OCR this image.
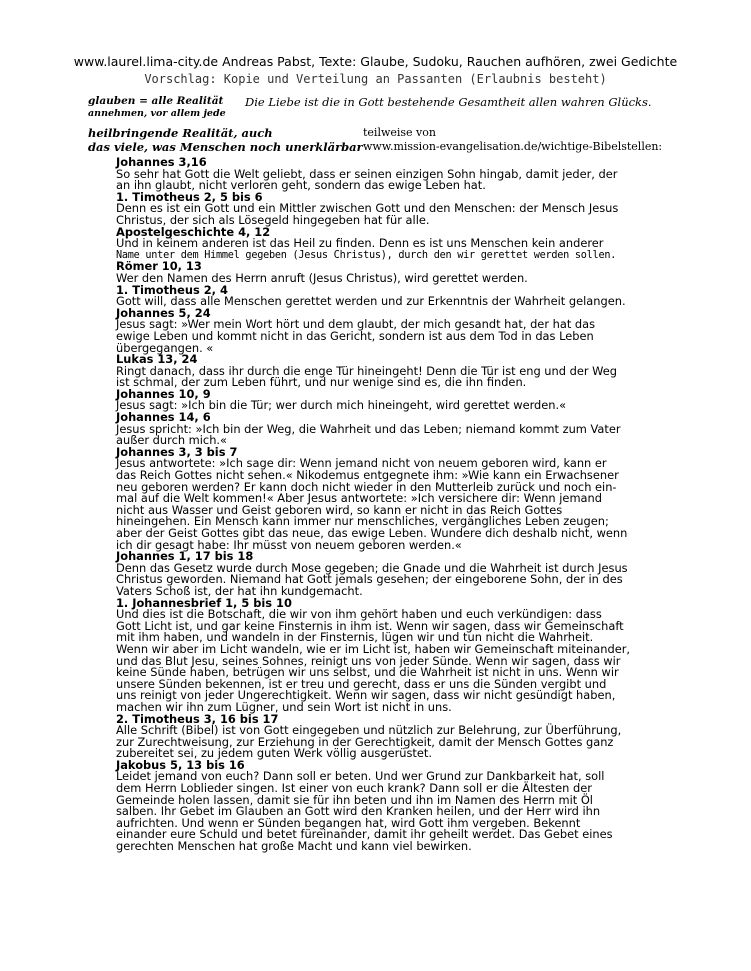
www.laurel.lima-city.de Andreas Pabst, Texte: Glaube, Sudoku, Rauchen aufhören, zwei Gedichte
Vorschlag: Kopie und Verteilung an Passanten (Erlaubnis besteht)
glauben = alle Realität
annehmen, vor allem jede
Die Liebe ist die in Gott bestehende Gesamtheit allen wahren Glücks.
heilbringende Realität, auch
das viele, was Menschen noch unerklärbar
teilweise von
www.mission-evangelisation.de/wichtige-Bibelstellen:
Johannes 3,16
So sehr hat Gott die Welt geliebt, dass er seinen einzigen Sohn hingab, damit jeder, der
an ihn glaubt, nicht verloren geht, sondern das ewige Leben hat.
1. Timotheus 2, 5 bis 6
Denn es ist ein Gott und ein Mittler zwischen Gott und den Menschen: der Mensch Jesus
Christus, der sich als Lösegeld hingegeben hat für alle.
Apostelgeschichte 4, 12
Und in keinem anderen ist das Heil zu finden. Denn es ist uns Menschen kein anderer
Name unter dem Himmel gegeben (Jesus Christus), durch den wir gerettet werden sollen.
Römer 10, 13
Wer den Namen des Herrn anruft (Jesus Christus), wird gerettet werden.
1. Timotheus 2, 4
Gott will, dass alle Menschen gerettet werden und zur Erkenntnis der Wahrheit gelangen.
Johannes 5, 24
Jesus sagt: »Wer mein Wort hört und dem glaubt, der mich gesandt hat, der hat das
ewige Leben und kommt nicht in das Gericht, sondern ist aus dem Tod in das Leben
übergegangen. «
Lukas 13, 24
Ringt danach, dass ihr durch die enge Tür hineingeht! Denn die Tür ist eng und der Weg
ist schmal, der zum Leben führt, und nur wenige sind es, die ihn finden.
Johannes 10, 9
Jesus sagt: »Ich bin die Tür; wer durch mich hineingeht, wird gerettet werden.«
Johannes 14, 6
Jesus spricht: »Ich bin der Weg, die Wahrheit und das Leben; niemand kommt zum Vater
außer durch mich.«
Johannes 3, 3 bis 7
Jesus antwortete: »Ich sage dir: Wenn jemand nicht von neuem geboren wird, kann er
das Reich Gottes nicht sehen.« Nikodemus entgegnete ihm: »Wie kann ein Erwachsener
neu geboren werden? Er kann doch nicht wieder in den Mutterleib zurück und noch ein-
mal auf die Welt kommen!« Aber Jesus antwortete: »Ich versichere dir: Wenn jemand
nicht aus Wasser und Geist geboren wird, so kann er nicht in das Reich Gottes
hineingehen. Ein Mensch kann immer nur menschliches, vergängliches Leben zeugen;
aber der Geist Gottes gibt das neue, das ewige Leben. Wundere dich deshalb nicht, wenn
ich dir gesagt habe: Ihr müsst von neuem geboren werden.«
Johannes 1, 17 bis 18
Denn das Gesetz wurde durch Mose gegeben; die Gnade und die Wahrheit ist durch Jesus
Christus geworden. Niemand hat Gott jemals gesehen; der eingeborene Sohn, der in des
Vaters Schoß ist, der hat ihn kundgemacht.
1. Johannesbrief 1, 5 bis 10
Und dies ist die Botschaft, die wir von ihm gehört haben und euch verkündigen: dass
Gott Licht ist, und gar keine Finsternis in ihm ist. Wenn wir sagen, dass wir Gemeinschaft
mit ihm haben, und wandeln in der Finsternis, lügen wir und tun nicht die Wahrheit.
Wenn wir aber im Licht wandeln, wie er im Licht ist, haben wir Gemeinschaft miteinander,
und das Blut Jesu, seines Sohnes, reinigt uns von jeder Sünde. Wenn wir sagen, dass wir
keine Sünde haben, betrügen wir uns selbst, und die Wahrheit ist nicht in uns. Wenn wir
unsere Sünden bekennen, ist er treu und gerecht, dass er uns die Sünden vergibt und
uns reinigt von jeder Ungerechtigkeit. Wenn wir sagen, dass wir nicht gesündigt haben,
machen wir ihn zum Lügner, und sein Wort ist nicht in uns.
2. Timotheus 3, 16 bis 17
Alle Schrift (Bibel) ist von Gott eingegeben und nützlich zur Belehrung, zur Überführung,
zur Zurechtweisung, zur Erziehung in der Gerechtigkeit, damit der Mensch Gottes ganz
zubereitet sei, zu jedem guten Werk völlig ausgerüstet.
Jakobus 5, 13 bis 16
Leidet jemand von euch? Dann soll er beten. Und wer Grund zur Dankbarkeit hat, soll
dem Herrn Loblieder singen. Ist einer von euch krank? Dann soll er die Ältesten der
Gemeinde holen lassen, damit sie für ihn beten und ihn im Namen des Herrn mit Öl
salben. Ihr Gebet im Glauben an Gott wird den Kranken heilen, und der Herr wird ihn
aufrichten. Und wenn er Sünden begangen hat, wird Gott ihm vergeben. Bekennt
einander eure Schuld und betet füreinander, damit ihr geheilt werdet. Das Gebet eines
gerechten Menschen hat große Macht und kann viel bewirken.
